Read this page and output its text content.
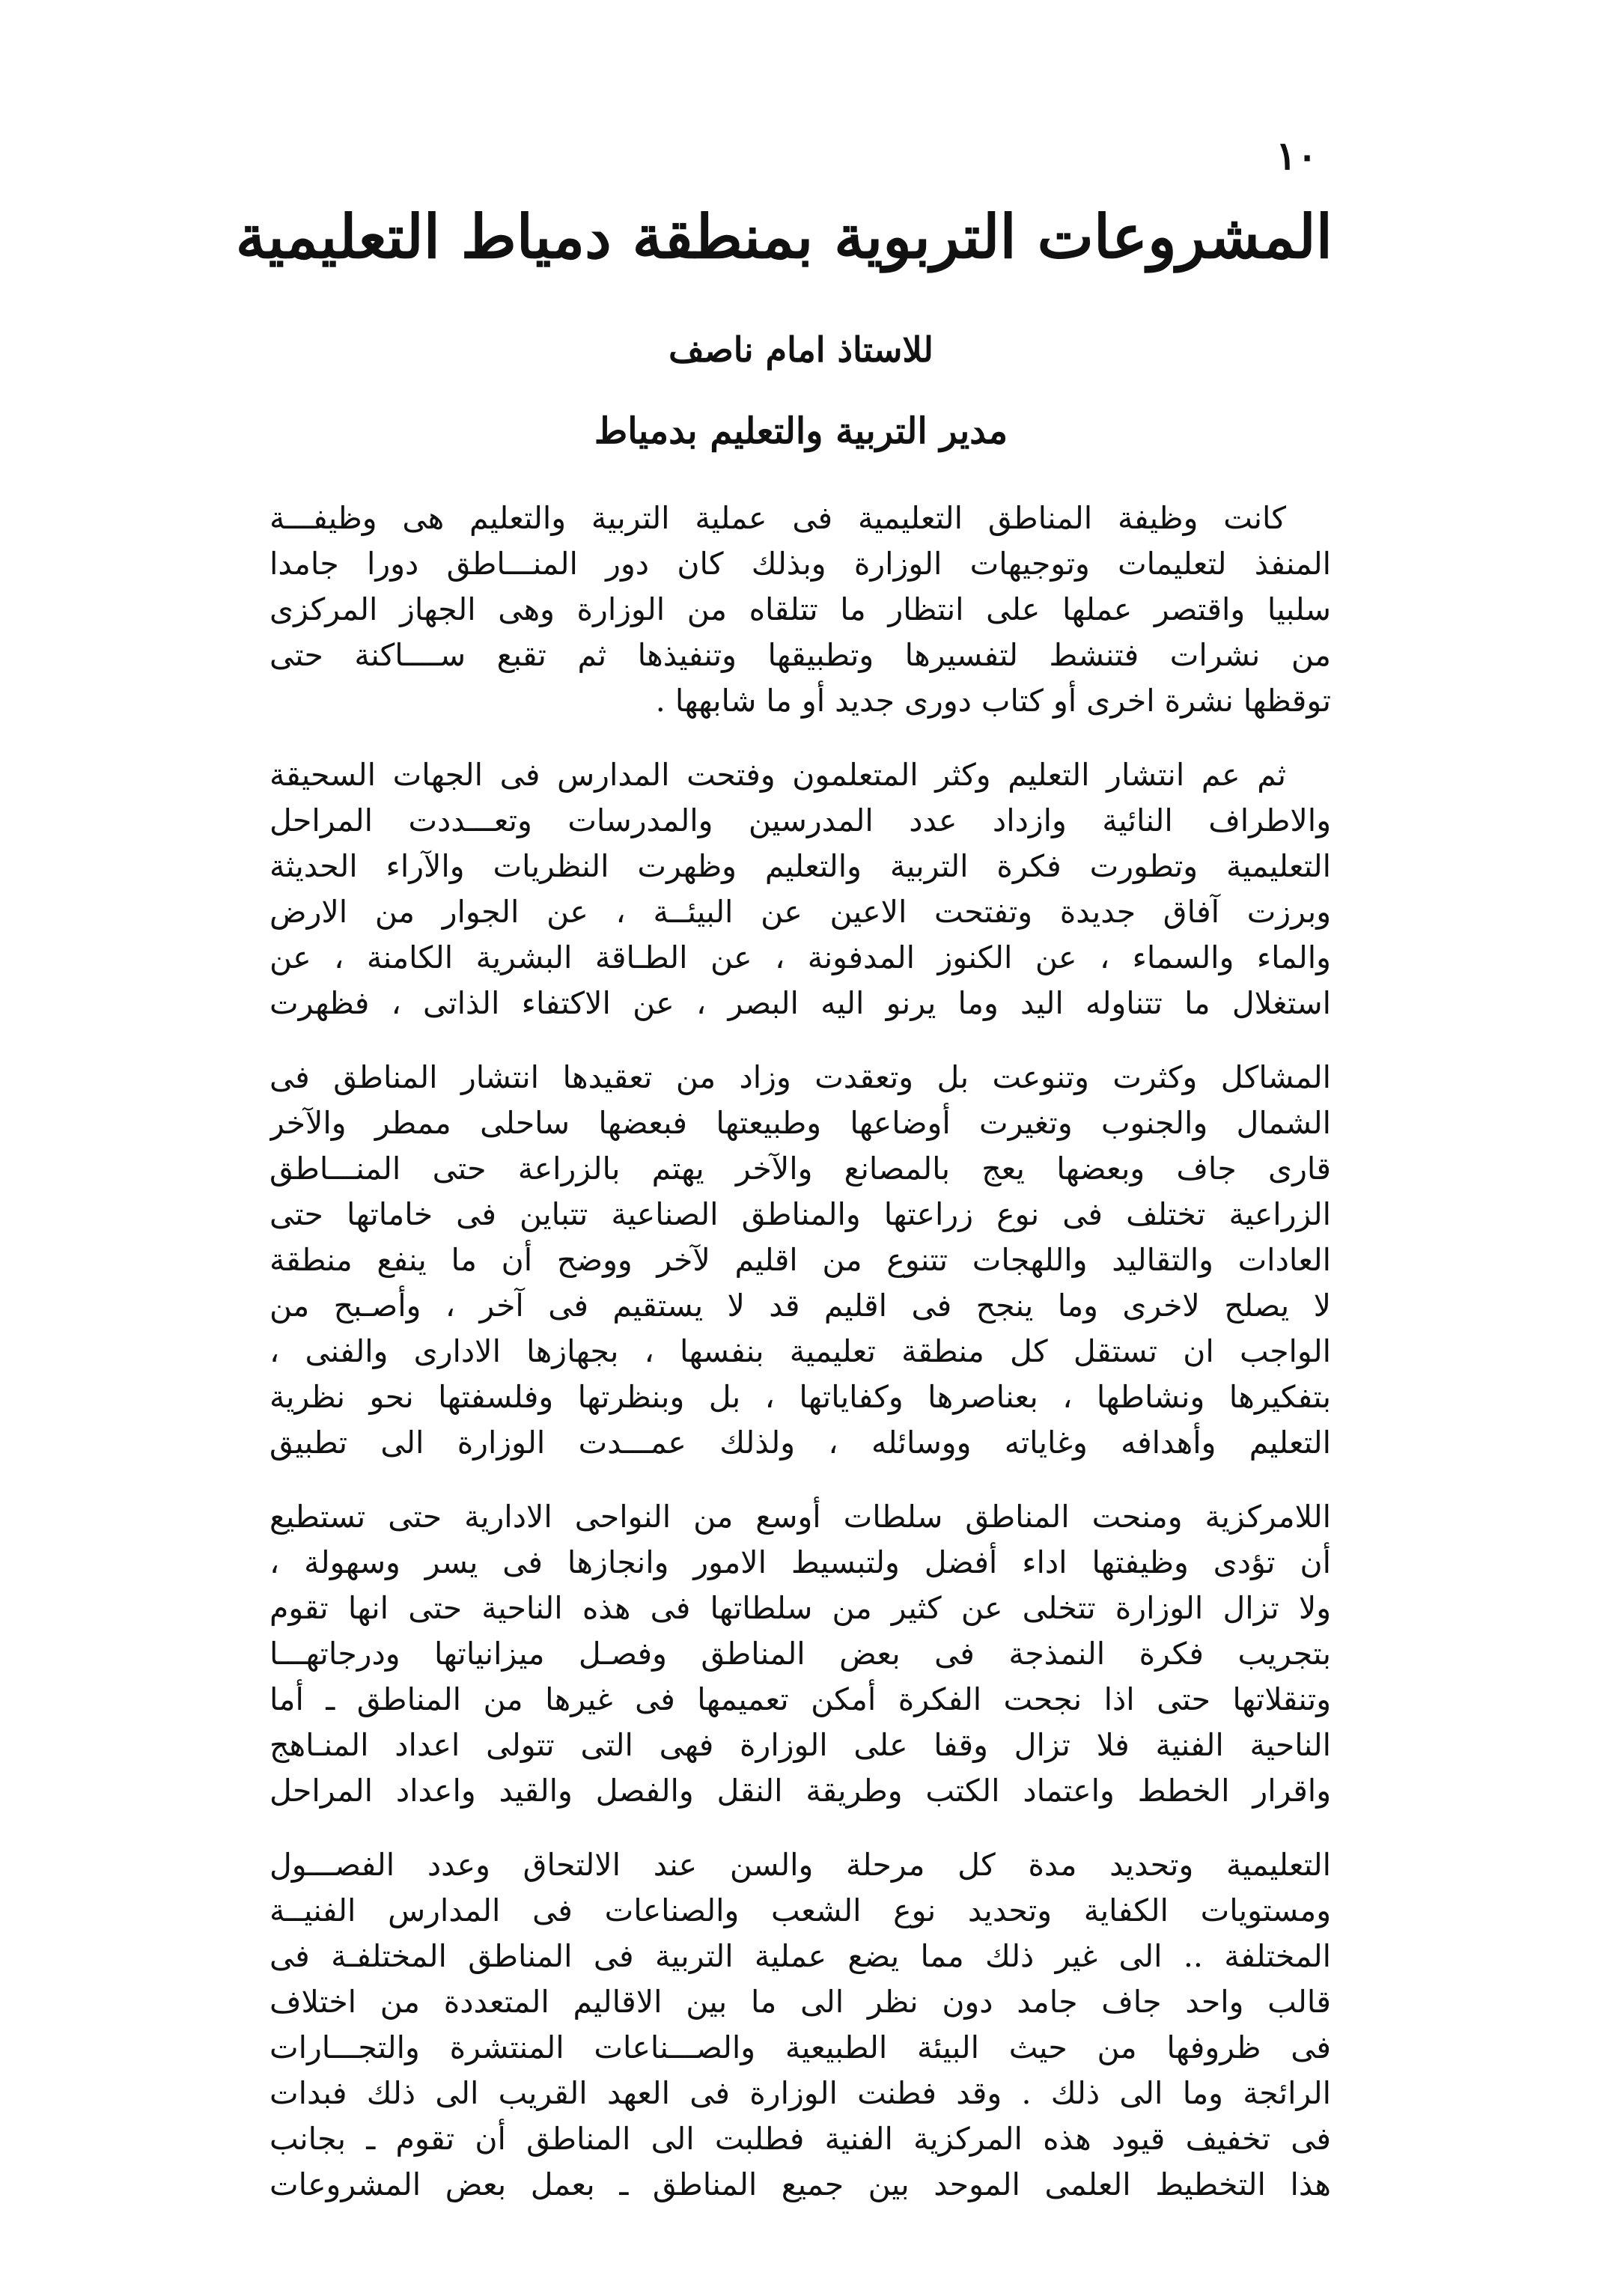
١٠
المشروعات التربوية بمنطقة دمياط التعليمية
للاستاذ امام ناصف
مدير التربية والتعليم بدمياط
كانت وظيفة المناطق التعليمية فى عملية التربية والتعليم هى وظيفـــة
المنفذ لتعليمات وتوجيهات الوزارة وبذلك كان دور المنـــاطق دورا جامدا
سلبيا واقتصر عملها على انتظار ما تتلقاه من الوزارة وهى الجهاز المركزى
من نشرات فتنشط لتفسيرها وتطبيقها وتنفيذها ثم تقبع ســــاكنة حتى
توقظها نشرة اخرى أو كتاب دورى جديد أو ما شابهها .
ثم عم انتشار التعليم وكثر المتعلمون وفتحت المدارس فى الجهات السحيقة
والاطراف النائية وازداد عدد المدرسين والمدرسات وتعـــددت المراحل
التعليمية وتطورت فكرة التربية والتعليم وظهرت النظريات والآراء الحديثة
وبرزت آفاق جديدة وتفتحت الاعين عن البيئــة ، عن الجوار من الارض
والماء والسماء ، عن الكنوز المدفونة ، عن الطـاقة البشرية الكامنة ، عن
استغلال ما تتناوله اليد وما يرنو اليه البصر ، عن الاكتفاء الذاتى ، فظهرت
المشاكل وكثرت وتنوعت بل وتعقدت وزاد من تعقيدها انتشار المناطق فى
الشمال والجنوب وتغيرت أوضاعها وطبيعتها فبعضها ساحلى ممطر والآخر
قارى جاف وبعضها يعج بالمصانع والآخر يهتم بالزراعة حتى المنـــاطق
الزراعية تختلف فى نوع زراعتها والمناطق الصناعية تتباين فى خاماتها حتى
العادات والتقاليد واللهجات تتنوع من اقليم لآخر ووضح أن ما ينفع منطقة
لا يصلح لاخرى وما ينجح فى اقليم قد لا يستقيم فى آخر ، وأصـبح من
الواجب ان تستقل كل منطقة تعليمية بنفسها ، بجهازها الادارى والفنى ،
بتفكيرها ونشاطها ، بعناصرها وكفاياتها ، بل وبنظرتها وفلسفتها نحو نظرية
التعليم وأهدافه وغاياته ووسائله ، ولذلك عمـــدت الوزارة الى تطبيق
اللامركزية ومنحت المناطق سلطات أوسع من النواحى الادارية حتى تستطيع
أن تؤدى وظيفتها اداء أفضل ولتبسيط الامور وانجازها فى يسر وسهولة ،
ولا تزال الوزارة تتخلى عن كثير من سلطاتها فى هذه الناحية حتى انها تقوم
بتجريب فكرة النمذجة فى بعض المناطق وفصـل ميزانياتها ودرجاتهـــا
وتنقلاتها حتى اذا نجحت الفكرة أمكن تعميمها فى غيرها من المناطق ـ أما
الناحية الفنية فلا تزال وقفا على الوزارة فهى التى تتولى اعداد المنـاهج
واقرار الخطط واعتماد الكتب وطريقة النقل والفصل والقيد واعداد المراحل
التعليمية وتحديد مدة كل مرحلة والسن عند الالتحاق وعدد الفصـــول
ومستويات الكفاية وتحديد نوع الشعب والصناعات فى المدارس الفنيــة
المختلفة .. الى غير ذلك مما يضع عملية التربية فى المناطق المختلفـة فى
قالب واحد جاف جامد دون نظر الى ما بين الاقاليم المتعددة من اختلاف
فى ظروفها من حيث البيئة الطبيعية والصـــناعات المنتشرة والتجـــارات
الرائجة وما الى ذلك . وقد فطنت الوزارة فى العهد القريب الى ذلك فبدات
فى تخفيف قيود هذه المركزية الفنية فطلبت الى المناطق أن تقوم ـ بجانب
هذا التخطيط العلمى الموحد بين جميع المناطق ـ بعمل بعض المشروعات
